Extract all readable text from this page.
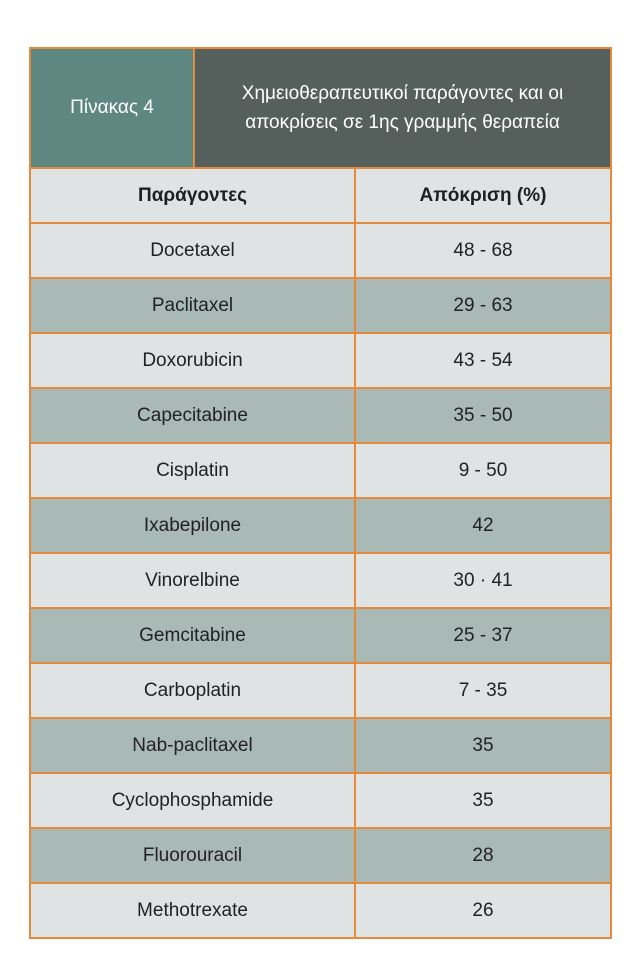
Πίνακας 4
Χημειοθεραπευτικοί παράγοντες και οι αποκρίσεις σε 1ης γραμμής θεραπεία
Παράγοντες	Απόκριση (%)
Docetaxel	48 - 68
Paclitaxel	29 - 63
Doxorubicin	43 - 54
Capecitabine	35 - 50
Cisplatin	9 - 50
Ixabepilone	42
Vinorelbine	30 · 41
Gemcitabine	25 - 37
Carboplatin	7 - 35
Nab-paclitaxel	35
Cyclophosphamide	35
Fluorouracil	28
Methotrexate	26
